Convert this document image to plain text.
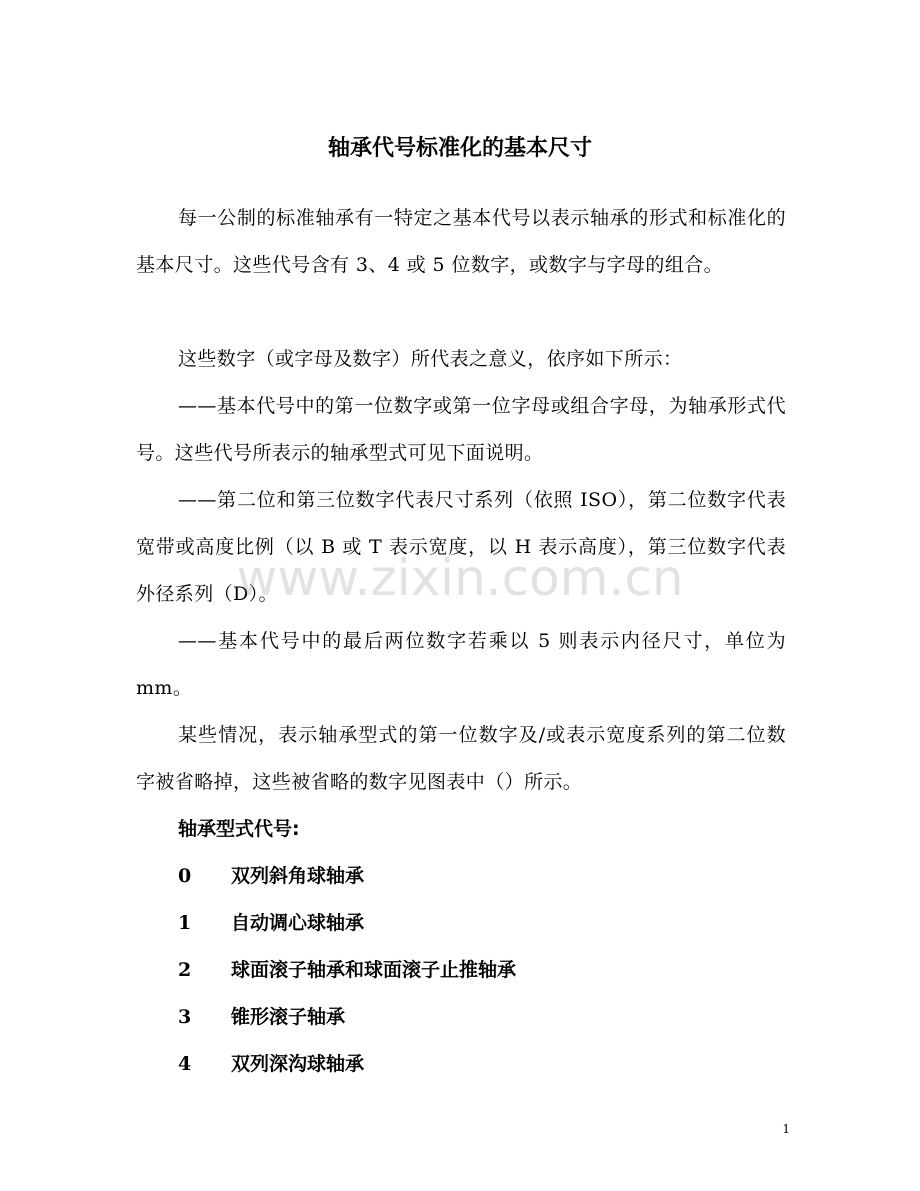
轴承代号标准化的基本尺寸

每一公制的标准轴承有一特定之基本代号以表示轴承的形式和标准化的基本尺寸。这些代号含有 3、4 或 5 位数字，或数字与字母的组合。

这些数字（或字母及数字）所代表之意义，依序如下所示：

——基本代号中的第一位数字或第一位字母或组合字母，为轴承形式代号。这些代号所表示的轴承型式可见下面说明。

——第二位和第三位数字代表尺寸系列（依照 ISO），第二位数字代表宽带或高度比例（以 B 或 T 表示宽度，以 H 表示高度），第三位数字代表外径系列（D）。

——基本代号中的最后两位数字若乘以 5 则表示内径尺寸，单位为mm。

某些情况，表示轴承型式的第一位数字及/或表示宽度系列的第二位数字被省略掉，这些被省略的数字见图表中（）所示。

轴承型式代号:
0 双列斜角球轴承
1 自动调心球轴承
2 球面滚子轴承和球面滚子止推轴承
3 锥形滚子轴承
4 双列深沟球轴承
www.zixin.com.cn
1
